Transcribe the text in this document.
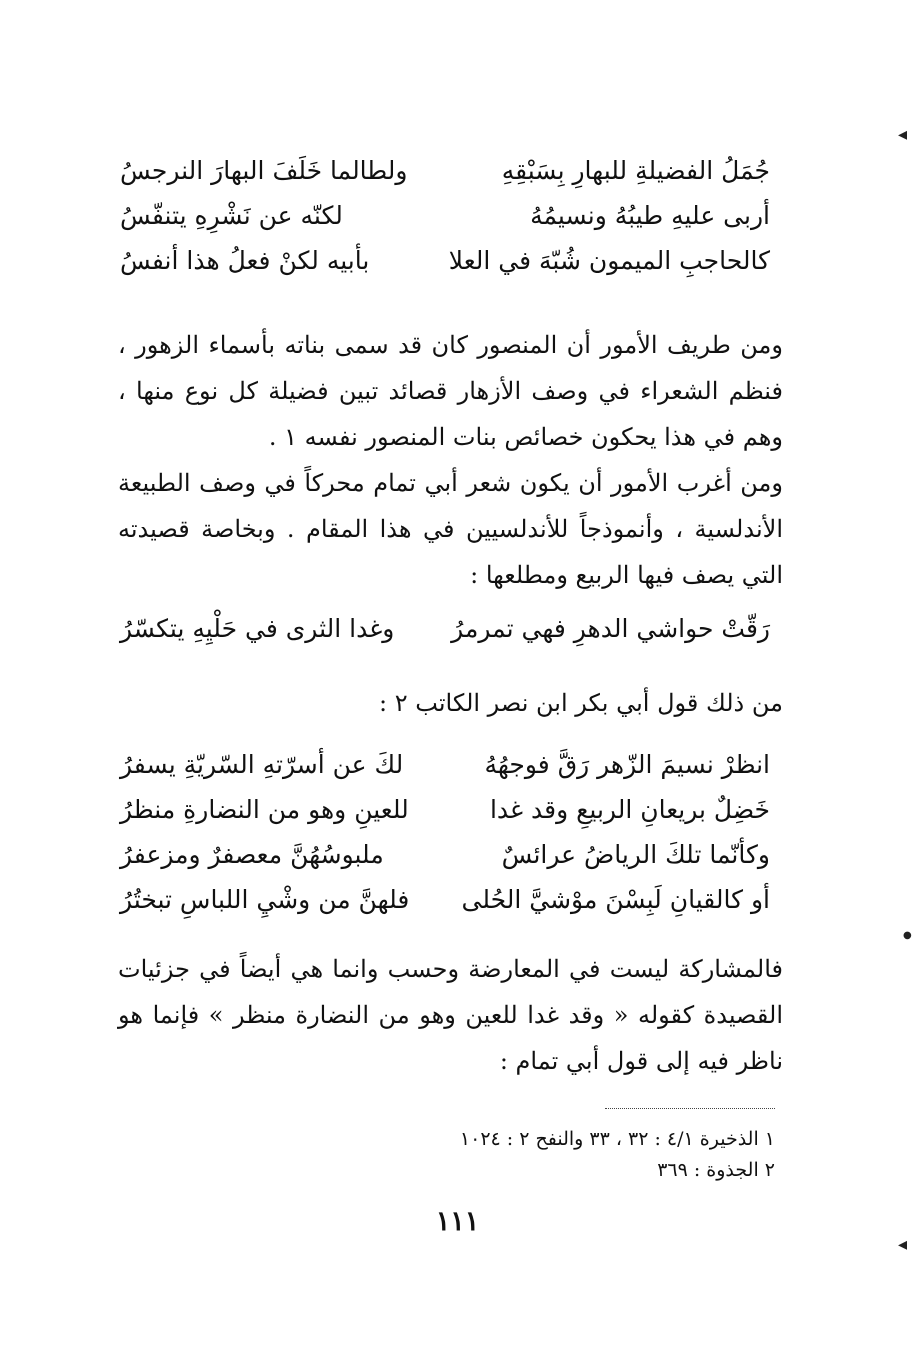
جُمَلُ الفضيلةِ للبهارِ بِسَبْقِهِ
ولطالما خَلَفَ البهارَ النرجسُ
أربى عليهِ طيبُهُ ونسيمُهُ
لكنّه عن نَشْرِهِ يتنفّسُ
كالحاجبِ الميمون شُبّهَ في العلا
بأبيه لكنْ فعلُ هذا أنفسُ

ومن طريف الأمور أن المنصور كان قد سمى بناته بأسماء الزهور ، فنظم الشعراء في وصف الأزهار قصائد تبين فضيلة كل نوع منها ، وهم في هذا يحكون خصائص بنات المنصور نفسه ١ .

ومن أغرب الأمور أن يكون شعر أبي تمام محركاً في وصف الطبيعة الأندلسية ، وأنموذجاً للأندلسيين في هذا المقام . وبخاصة قصيدته التي يصف فيها الربيع ومطلعها :

رَقّتْ حواشي الدهرِ فهي تمرمرُ
وغدا الثرى في حَلْيِهِ يتكسّرُ

من ذلك قول أبي بكر ابن نصر الكاتب ٢ :

انظرْ نسيمَ الزّهر رَقَّ فوجهُهُ
لكَ عن أسرّتهِ السّريّةِ يسفرُ
خَضِلٌ بريعانِ الربيعِ وقد غدا
للعينِ وهو من النضارةِ منظرُ
وكأنّما تلكَ الرياضُ عرائسٌ
ملبوسُهُنَّ معصفرٌ ومزعفرُ
أو كالقيانِ لَبِسْنَ موْشيَّ الحُلى
فلهنَّ من وشْيِ اللباسِ تبختُرُ

فالمشاركة ليست في المعارضة وحسب وانما هي أيضاً في جزئيات القصيدة كقوله « وقد غدا للعين وهو من النضارة منظر » فإنما هو ناظر فيه إلى قول أبي تمام :

١ الذخيرة ٤/١ : ٣٢ ، ٣٣ والنفح ٢ : ١٠٢٤
٢ الجذوة : ٣٦٩
١١١
◂
●
◂
